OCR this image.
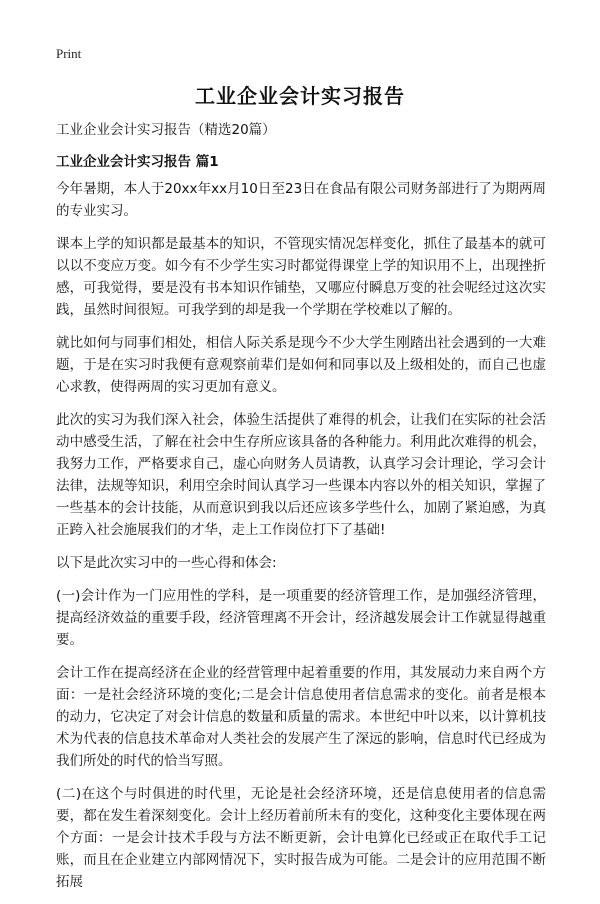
Print
工业企业会计实习报告

工业企业会计实习报告（精选20篇）

工业企业会计实习报告 篇1

今年暑期，本人于20xx年xx月10日至23日在食品有限公司财务部进行了为期两周的专业实习。

课本上学的知识都是最基本的知识，不管现实情况怎样变化，抓住了最基本的就可以以不变应万变。如今有不少学生实习时都觉得课堂上学的知识用不上，出现挫折感，可我觉得，要是没有书本知识作铺垫，又哪应付瞬息万变的社会呢经过这次实践，虽然时间很短。可我学到的却是我一个学期在学校难以了解的。

就比如何与同事们相处，相信人际关系是现今不少大学生刚踏出社会遇到的一大难题，于是在实习时我便有意观察前辈们是如何和同事以及上级相处的，而自己也虚心求教，使得两周的实习更加有意义。

此次的实习为我们深入社会，体验生活提供了难得的机会，让我们在实际的社会活动中感受生活，了解在社会中生存所应该具备的各种能力。利用此次难得的机会，我努力工作，严格要求自己，虚心向财务人员请教，认真学习会计理论，学习会计法律，法规等知识，利用空余时间认真学习一些课本内容以外的相关知识，掌握了一些基本的会计技能，从而意识到我以后还应该多学些什么，加剧了紧迫感，为真正跨入社会施展我们的才华，走上工作岗位打下了基础!

以下是此次实习中的一些心得和体会:

(一)会计作为一门应用性的学科，是一项重要的经济管理工作，是加强经济管理，提高经济效益的重要手段，经济管理离不开会计，经济越发展会计工作就显得越重要。

会计工作在提高经济在企业的经营管理中起着重要的作用，其发展动力来自两个方面：一是社会经济环境的变化;二是会计信息使用者信息需求的变化。前者是根本的动力，它决定了对会计信息的数量和质量的需求。本世纪中叶以来，以计算机技术为代表的信息技术革命对人类社会的发展产生了深远的影响，信息时代已经成为我们所处的时代的恰当写照。

(二)在这个与时俱进的时代里，无论是社会经济环境，还是信息使用者的信息需要，都在发生着深刻变化。会计上经历着前所未有的变化，这种变化主要体现在两个方面：一是会计技术手段与方法不断更新，会计电算化已经或正在取代手工记账，而且在企业建立内部网情况下，实时报告成为可能。二是会计的应用范围不断拓展
